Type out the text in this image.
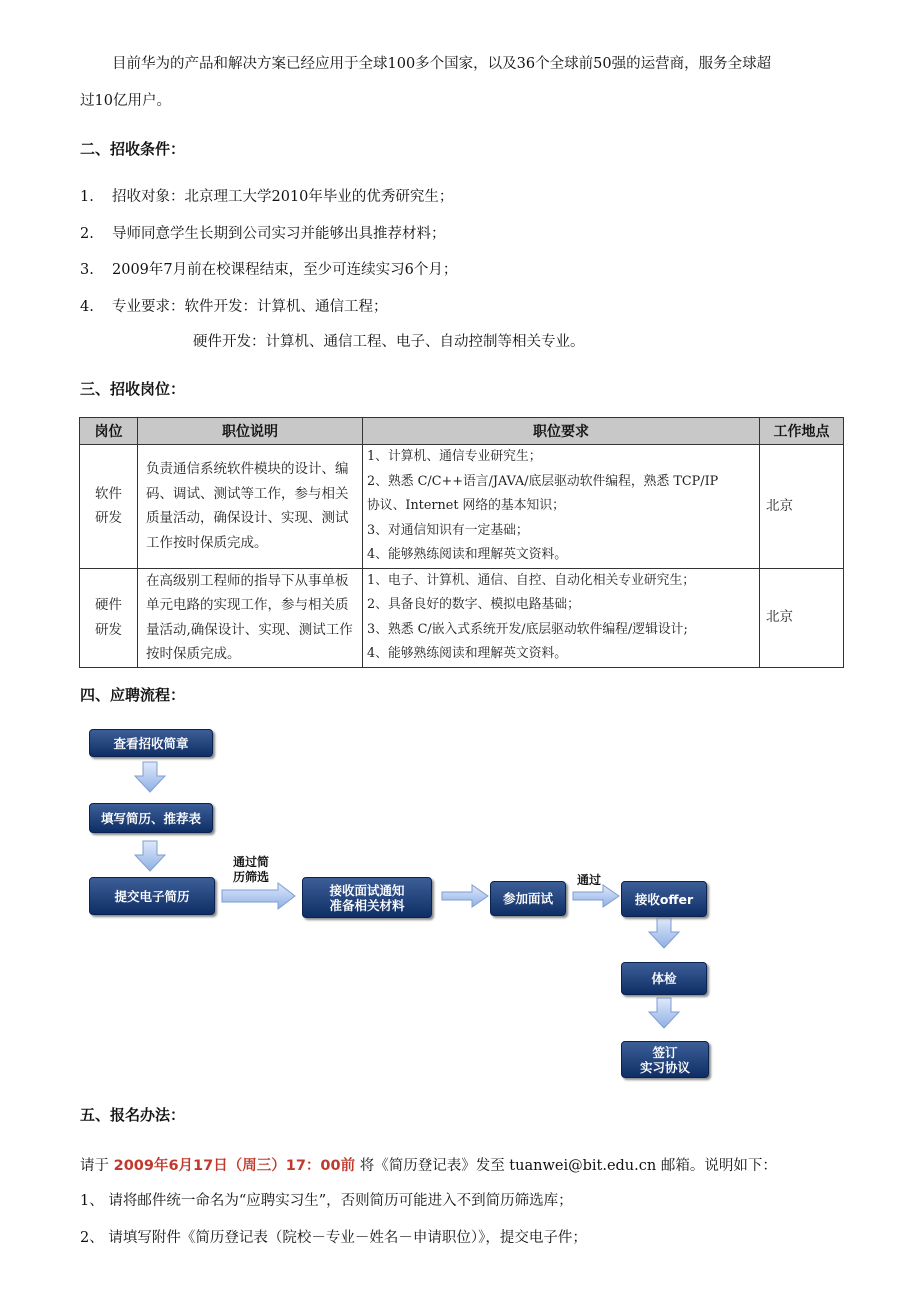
目前华为的产品和解决方案已经应用于全球100多个国家，以及36个全球前50强的运营商，服务全球超
过10亿用户。
二、招收条件：
1. 招收对象：北京理工大学2010年毕业的优秀研究生；
2. 导师同意学生长期到公司实习并能够出具推荐材料；
3. 2009年7月前在校课程结束，至少可连续实习6个月；
4. 专业要求：软件开发：计算机、通信工程；
硬件开发：计算机、通信工程、电子、自动控制等相关专业。
三、招收岗位：
岗位	职位说明	职位要求	工作地点
软件
研发	负责通信系统软件模块的设计、编码、调试、测试等工作，参与相关质量活动，确保设计、实现、测试工作按时保质完成。	1、计算机、通信专业研究生；
2、熟悉 C/C++语言/JAVA/底层驱动软件编程，熟悉 TCP/IP
协议、Internet 网络的基本知识；
3、对通信知识有一定基础；
4、能够熟练阅读和理解英文资料。	北京
硬件
研发	在高级别工程师的指导下从事单板单元电路的实现工作，参与相关质量活动,确保设计、实现、测试工作按时保质完成。	1、电子、计算机、通信、自控、自动化相关专业研究生；
2、具备良好的数字、模拟电路基础；
3、熟悉 C/嵌入式系统开发/底层驱动软件编程/逻辑设计;
4、能够熟练阅读和理解英文资料。	北京
四、应聘流程：
查看招收简章
填写简历、推荐表
提交电子简历
通过简
历筛选
接收面试通知
准备相关材料	参加面试
通过
接收offer
体检
签订
实习协议
五、报名办法：
请于 2009年6月17日（周三）17：00前 将《简历登记表》发至 tuanwei@bit.edu.cn 邮箱。说明如下：
1、 请将邮件统一命名为“应聘实习生”，否则简历可能进入不到简历筛选库；
2、 请填写附件《简历登记表（院校－专业－姓名－申请职位）》，提交电子件；
